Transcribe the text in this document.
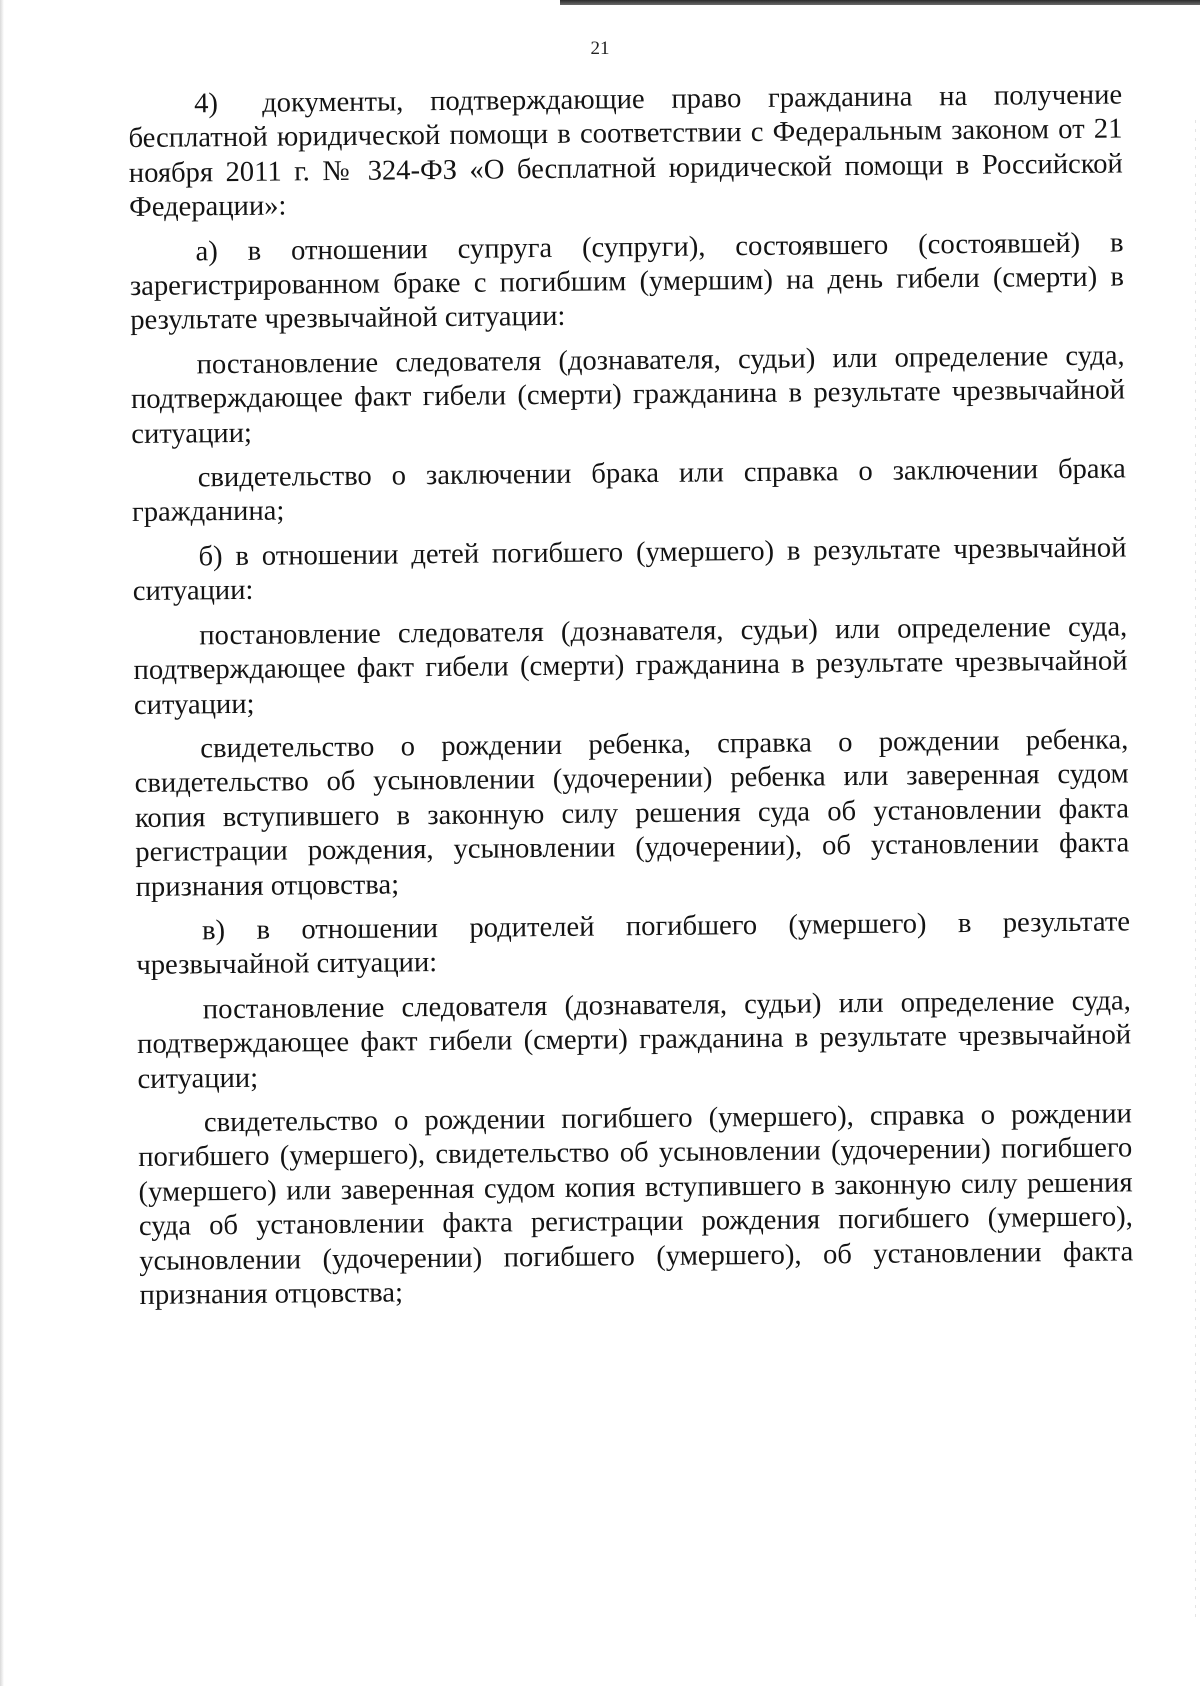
21

4) документы, подтверждающие право гражданина на получение бесплатной юридической помощи в соответствии с Федеральным законом от 21 ноября 2011 г. № 324-ФЗ «О бесплатной юридической помощи в Российской Федерации»:

а) в отношении супруга (супруги), состоявшего (состоявшей) в зарегистрированном браке с погибшим (умершим) на день гибели (смерти) в результате чрезвычайной ситуации:

постановление следователя (дознавателя, судьи) или определение суда, подтверждающее факт гибели (смерти) гражданина в результате чрезвычайной ситуации;

свидетельство о заключении брака или справка о заключении брака гражданина;

б) в отношении детей погибшего (умершего) в результате чрезвычайной ситуации:

постановление следователя (дознавателя, судьи) или определение суда, подтверждающее факт гибели (смерти) гражданина в результате чрезвычайной ситуации;

свидетельство о рождении ребенка, справка о рождении ребенка, свидетельство об усыновлении (удочерении) ребенка или заверенная судом копия вступившего в законную силу решения суда об установлении факта регистрации рождения, усыновлении (удочерении), об установлении факта признания отцовства;

в) в отношении родителей погибшего (умершего) в результате чрезвычайной ситуации:

постановление следователя (дознавателя, судьи) или определение суда, подтверждающее факт гибели (смерти) гражданина в результате чрезвычайной ситуации;

свидетельство о рождении погибшего (умершего), справка о рождении погибшего (умершего), свидетельство об усыновлении (удочерении) погибшего (умершего) или заверенная судом копия вступившего в законную силу решения суда об установлении факта регистрации рождения погибшего (умершего), усыновлении (удочерении) погибшего (умершего), об установлении факта признания отцовства;
